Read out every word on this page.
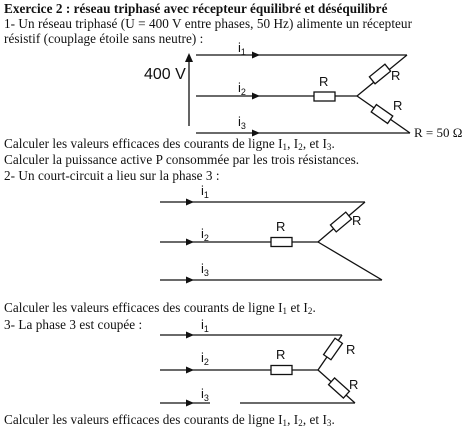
Exercice 2 : réseau triphasé avec récepteur équilibré et déséquilibré
1- Un réseau triphasé (U = 400 V entre phases, 50 Hz) alimente un récepteur
résistif (couplage étoile sans neutre) :
400 V
$i_1$
$i_2$
R
$i_3$
R
R
R = 50 Ω
Calculer les valeurs efficaces des courants de ligne $I_1$, $I_2$, et $I_3$.
Calculer la puissance active P consommée par les trois résistances.
2- Un court-circuit a lieu sur la phase 3 :
$i_1$
$i_2$
R
$i_3$
R
Calculer les valeurs efficaces des courants de ligne $I_1$ et $I_2$.
3- La phase 3 est coupée :	$i_1$
$i_2$	R
$i_3$
R
R
Calculer les valeurs efficaces des courants de ligne $I_1$, $I_2$, et $I_3$.
